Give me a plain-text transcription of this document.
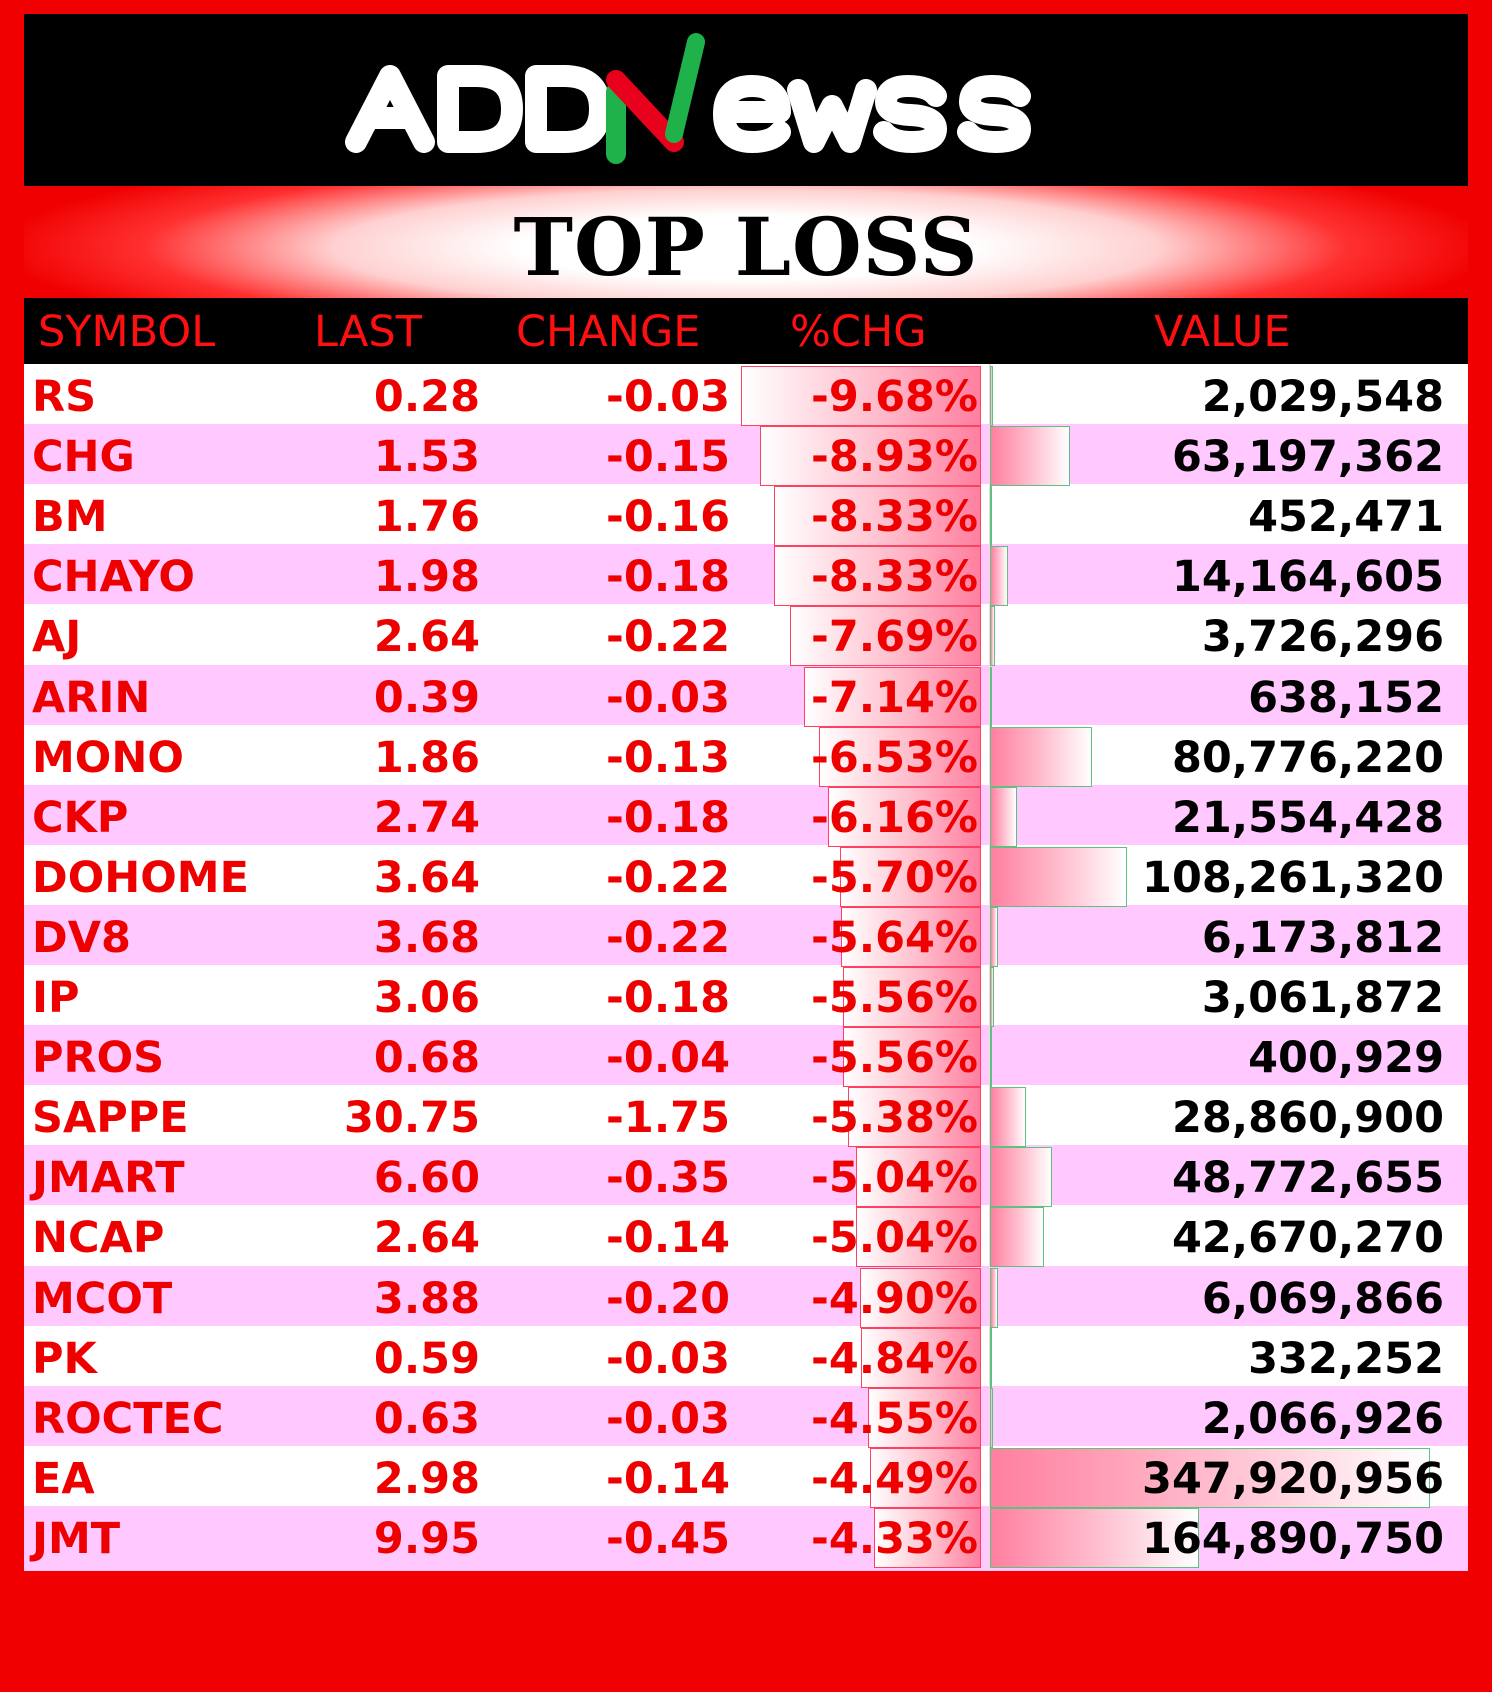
TOP LOSS
SYMBOL LAST CHANGE %CHG	VALUE
RS	0.28	-0.03 -9.68%	2,029,548
CHG	1.53	-0.15 -8.93%	63,197,362
BM	1.76	-0.16 -8.33%	452,471
CHAYO	1.98	-0.18 -8.33%	14,164,605
AJ	2.64	-0.22 -7.69%	3,726,296
ARIN	0.39	-0.03 -7.14%	638,152
MONO	1.86	-0.13 -6.53%	80,776,220
CKP	2.74	-0.18 -6.16%	21,554,428
DOHOME	3.64	-0.22 -5.70%	108,261,320
DV8	3.68	-0.22 -5.64%	6,173,812
IP	3.06	-0.18 -5.56%	3,061,872
PROS	0.68	-0.04 -5.56%	400,929
SAPPE	30.75	-1.75 -5.38%	28,860,900
JMART	6.60	-0.35 -5.04%	48,772,655
NCAP	2.64	-0.14 -5.04%	42,670,270
MCOT	3.88	-0.20 -4.90%	6,069,866
PK	0.59	-0.03 -4.84%	332,252
ROCTEC	0.63	-0.03 -4.55%	2,066,926
EA	2.98	-0.14 -4.49%	347,920,956
JMT	9.95	-0.45 -4.33%	164,890,750
